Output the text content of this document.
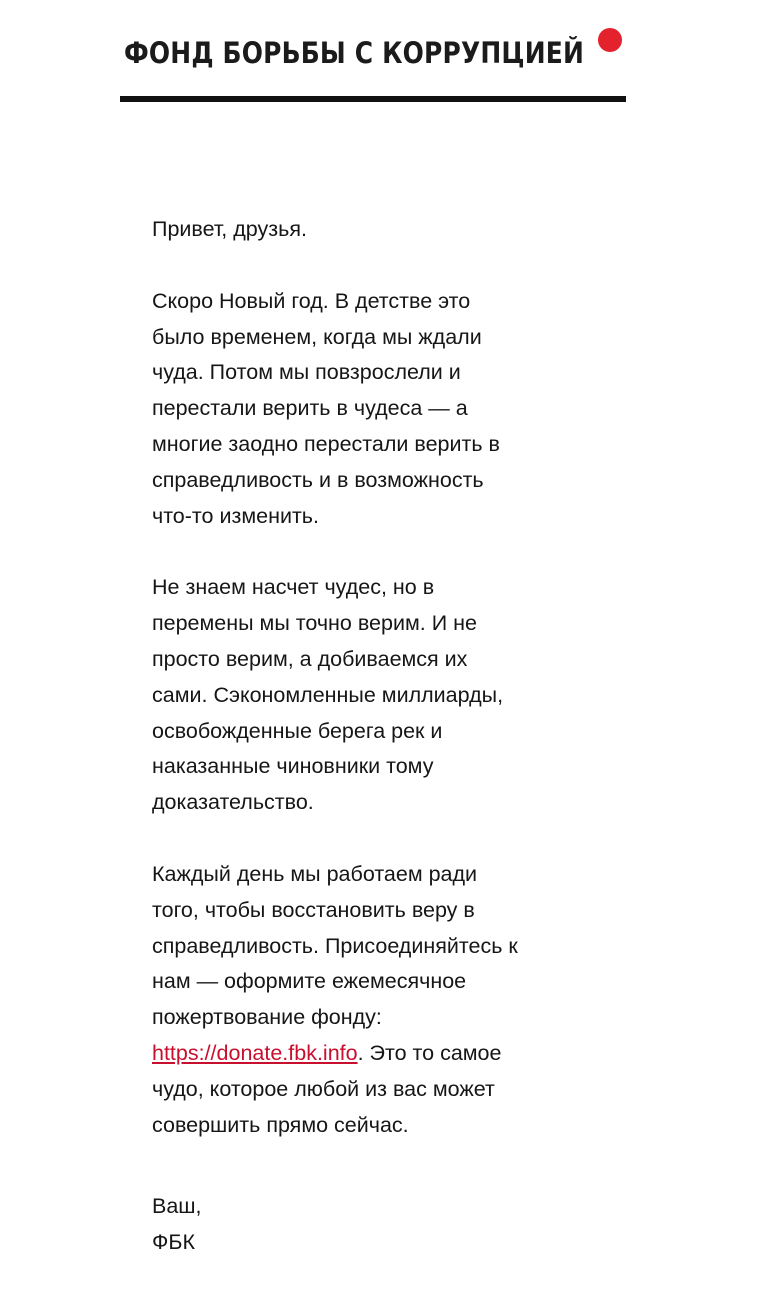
ФОНД БОРЬБЫ С КОРРУПЦИЕЙ

Привет, друзья.

Скоро Новый год. В детстве это
было временем, когда мы ждали
чуда. Потом мы повзрослели и
перестали верить в чудеса — а
многие заодно перестали верить в
справедливость и в возможность
что-то изменить.

Не знаем насчет чудес, но в
перемены мы точно верим. И не
просто верим, а добиваемся их
сами. Сэкономленные миллиарды,
освобожденные берега рек и
наказанные чиновники тому
доказательство.

Каждый день мы работаем ради
того, чтобы восстановить веру в
справедливость. Присоединяйтесь к
нам — оформите ежемесячное
пожертвование фонду:
https://donate.fbk.info. Это то самое
чудо, которое любой из вас может
совершить прямо сейчас.

Ваш,
ФБК
